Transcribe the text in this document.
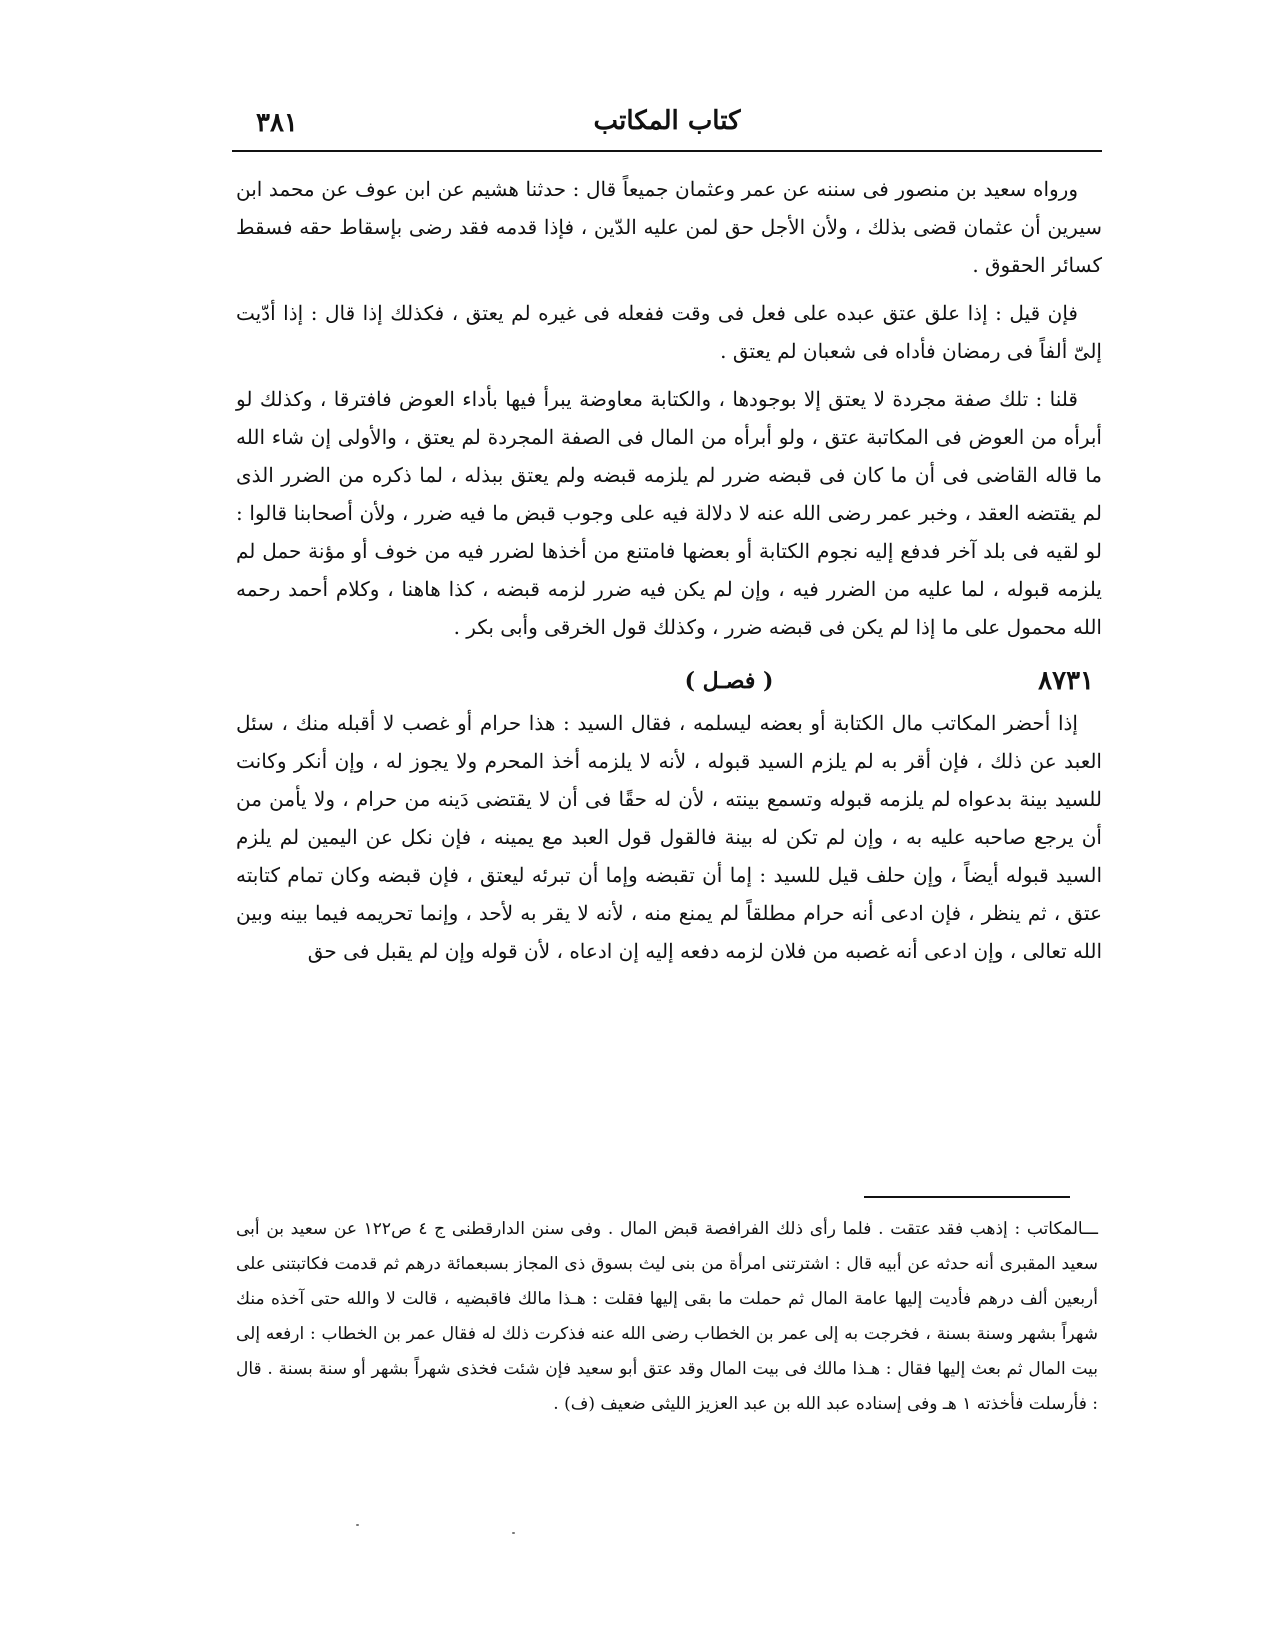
٣٨١	كتاب المكاتب

ورواه سعيد بن منصور فى سننه عن عمر وعثمان جميعاً قال : حدثنا هشيم عن ابن عوف عن محمد ابن سيرين أن عثمان قضى بذلك ، ولأن الأجل حق لمن عليه الدّين ، فإذا قدمه فقد رضى بإسقاط حقه فسقط كسائر الحقوق .

فإن قيل : إذا علق عتق عبده على فعل فى وقت ففعله فى غيره لم يعتق ، فكذلك إذا قال : إذا أدّيت إلىّ ألفاً فى رمضان فأداه فى شعبان لم يعتق .

قلنا : تلك صفة مجردة لا يعتق إلا بوجودها ، والكتابة معاوضة يبرأ فيها بأداء العوض فافترقا ، وكذلك لو أبرأه من العوض فى المكاتبة عتق ، ولو أبرأه من المال فى الصفة المجردة لم يعتق ، والأولى إن شاء الله ما قاله القاضى فى أن ما كان فى قبضه ضرر لم يلزمه قبضه ولم يعتق ببذله ، لما ذكره من الضرر الذى لم يقتضه العقد ، وخبر عمر رضى الله عنه لا دلالة فيه على وجوب قبض ما فيه ضرر ، ولأن أصحابنا قالوا : لو لقيه فى بلد آخر فدفع إليه نجوم الكتابة أو بعضها فامتنع من أخذها لضرر فيه من خوف أو مؤنة حمل لم يلزمه قبوله ، لما عليه من الضرر فيه ، وإن لم يكن فيه ضرر لزمه قبضه ، كذا هاهنا ، وكلام أحمد رحمه الله محمول على ما إذا لم يكن فى قبضه ضرر ، وكذلك قول الخرقى وأبى بكر .

٨٧٣١
( فصـل )

إذا أحضر المكاتب مال الكتابة أو بعضه ليسلمه ، فقال السيد : هذا حرام أو غصب لا أقبله منك ، سئل العبد عن ذلك ، فإن أقر به لم يلزم السيد قبوله ، لأنه لا يلزمه أخذ المحرم ولا يجوز له ، وإن أنكر وكانت للسيد بينة بدعواه لم يلزمه قبوله وتسمع بينته ، لأن له حقًا فى أن لا يقتضى دَينه من حرام ، ولا يأمن من أن يرجع صاحبه عليه به ، وإن لم تكن له بينة فالقول قول العبد مع يمينه ، فإن نكل عن اليمين لم يلزم السيد قبوله أيضاً ، وإن حلف قيل للسيد : إما أن تقبضه وإما أن تبرئه ليعتق ، فإن قبضه وكان تمام كتابته عتق ، ثم ينظر ، فإن ادعى أنه حرام مطلقاً لم يمنع منه ، لأنه لا يقر به لأحد ، وإنما تحريمه فيما بينه وبين الله تعالى ، وإن ادعى أنه غصبه من فلان لزمه دفعه إليه إن ادعاه ، لأن قوله وإن لم يقبل فى حق

ـــالمكاتب : إذهب فقد عتقت . فلما رأى ذلك الفرافصة قبض المال . وفى سنن الدارقطنى ج ٤ ص١٢٢ عن سعيد بن أبى سعيد المقبرى أنه حدثه عن أبيه قال : اشترتنى امرأة من بنى ليث بسوق ذى المجاز بسبعمائة درهم ثم قدمت فكاتبتنى على أربعين ألف درهم فأديت إليها عامة المال ثم حملت ما بقى إليها فقلت : هـذا مالك فاقبضيه ، قالت لا والله حتى آخذه منك شهراً بشهر وسنة بسنة ، فخرجت به إلى عمر بن الخطاب رضى الله عنه فذكرت ذلك له فقال عمر بن الخطاب : ارفعه إلى بيت المال ثم بعث إليها فقال : هـذا مالك فى بيت المال وقد عتق أبو سعيد فإن شئت فخذى شهراً بشهر أو سنة بسنة . قال : فأرسلت فأخذته ١ هـ وفى إسناده عبد الله بن عبد العزيز الليثى ضعيف (ف) .
